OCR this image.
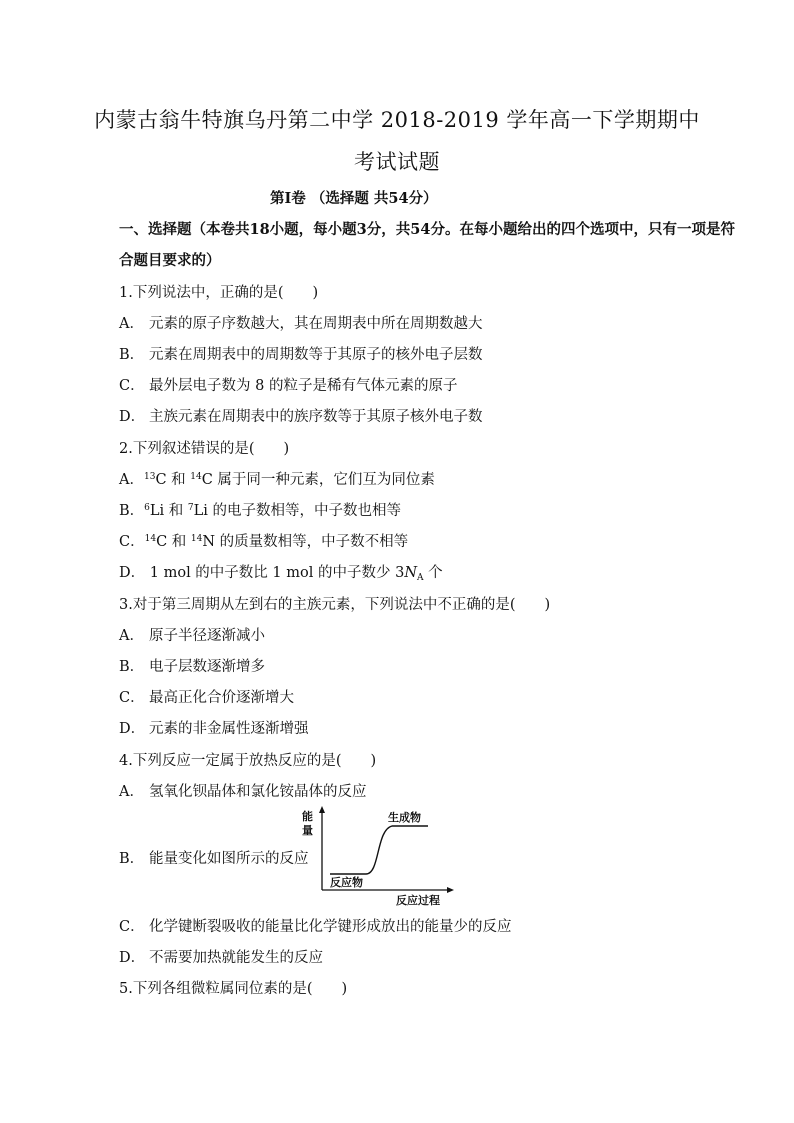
内蒙古翁牛特旗乌丹第二中学 2018-2019 学年高一下学期期中
考试试题
第Ⅰ卷 （选择题 共54分）
一、选择题（本卷共18小题，每小题3分，共54分。在每小题给出的四个选项中，只有一项是符
合题目要求的）
1.下列说法中，正确的是(　　)
A． 元素的原子序数越大，其在周期表中所在周期数越大
B． 元素在周期表中的周期数等于其原子的核外电子层数
C． 最外层电子数为 8 的粒子是稀有气体元素的原子
D． 主族元素在周期表中的族序数等于其原子核外电子数
2.下列叙述错误的是(　　)
A．$^{13}$C 和 $^{14}$C 属于同一种元素，它们互为同位素
B．$^6$Li 和 $^7$Li 的电子数相等，中子数也相等
C．$^{14}$C 和 $^{14}$N 的质量数相等，中子数不相等
D． 1 mol 的中子数比 1 mol 的中子数少 $3N_A$ 个
3.对于第三周期从左到右的主族元素，下列说法中不正确的是(　　)
A． 原子半径逐渐减小
B． 电子层数逐渐增多
C． 最高正化合价逐渐增大
D． 元素的非金属性逐渐增强
4.下列反应一定属于放热反应的是(　　)
A． 氢氧化钡晶体和氯化铵晶体的反应
B． 能量变化如图所示的反应
能
量
生成物
反应物
反应过程
C． 化学键断裂吸收的能量比化学键形成放出的能量少的反应
D． 不需要加热就能发生的反应
5.下列各组微粒属同位素的是(　　)
